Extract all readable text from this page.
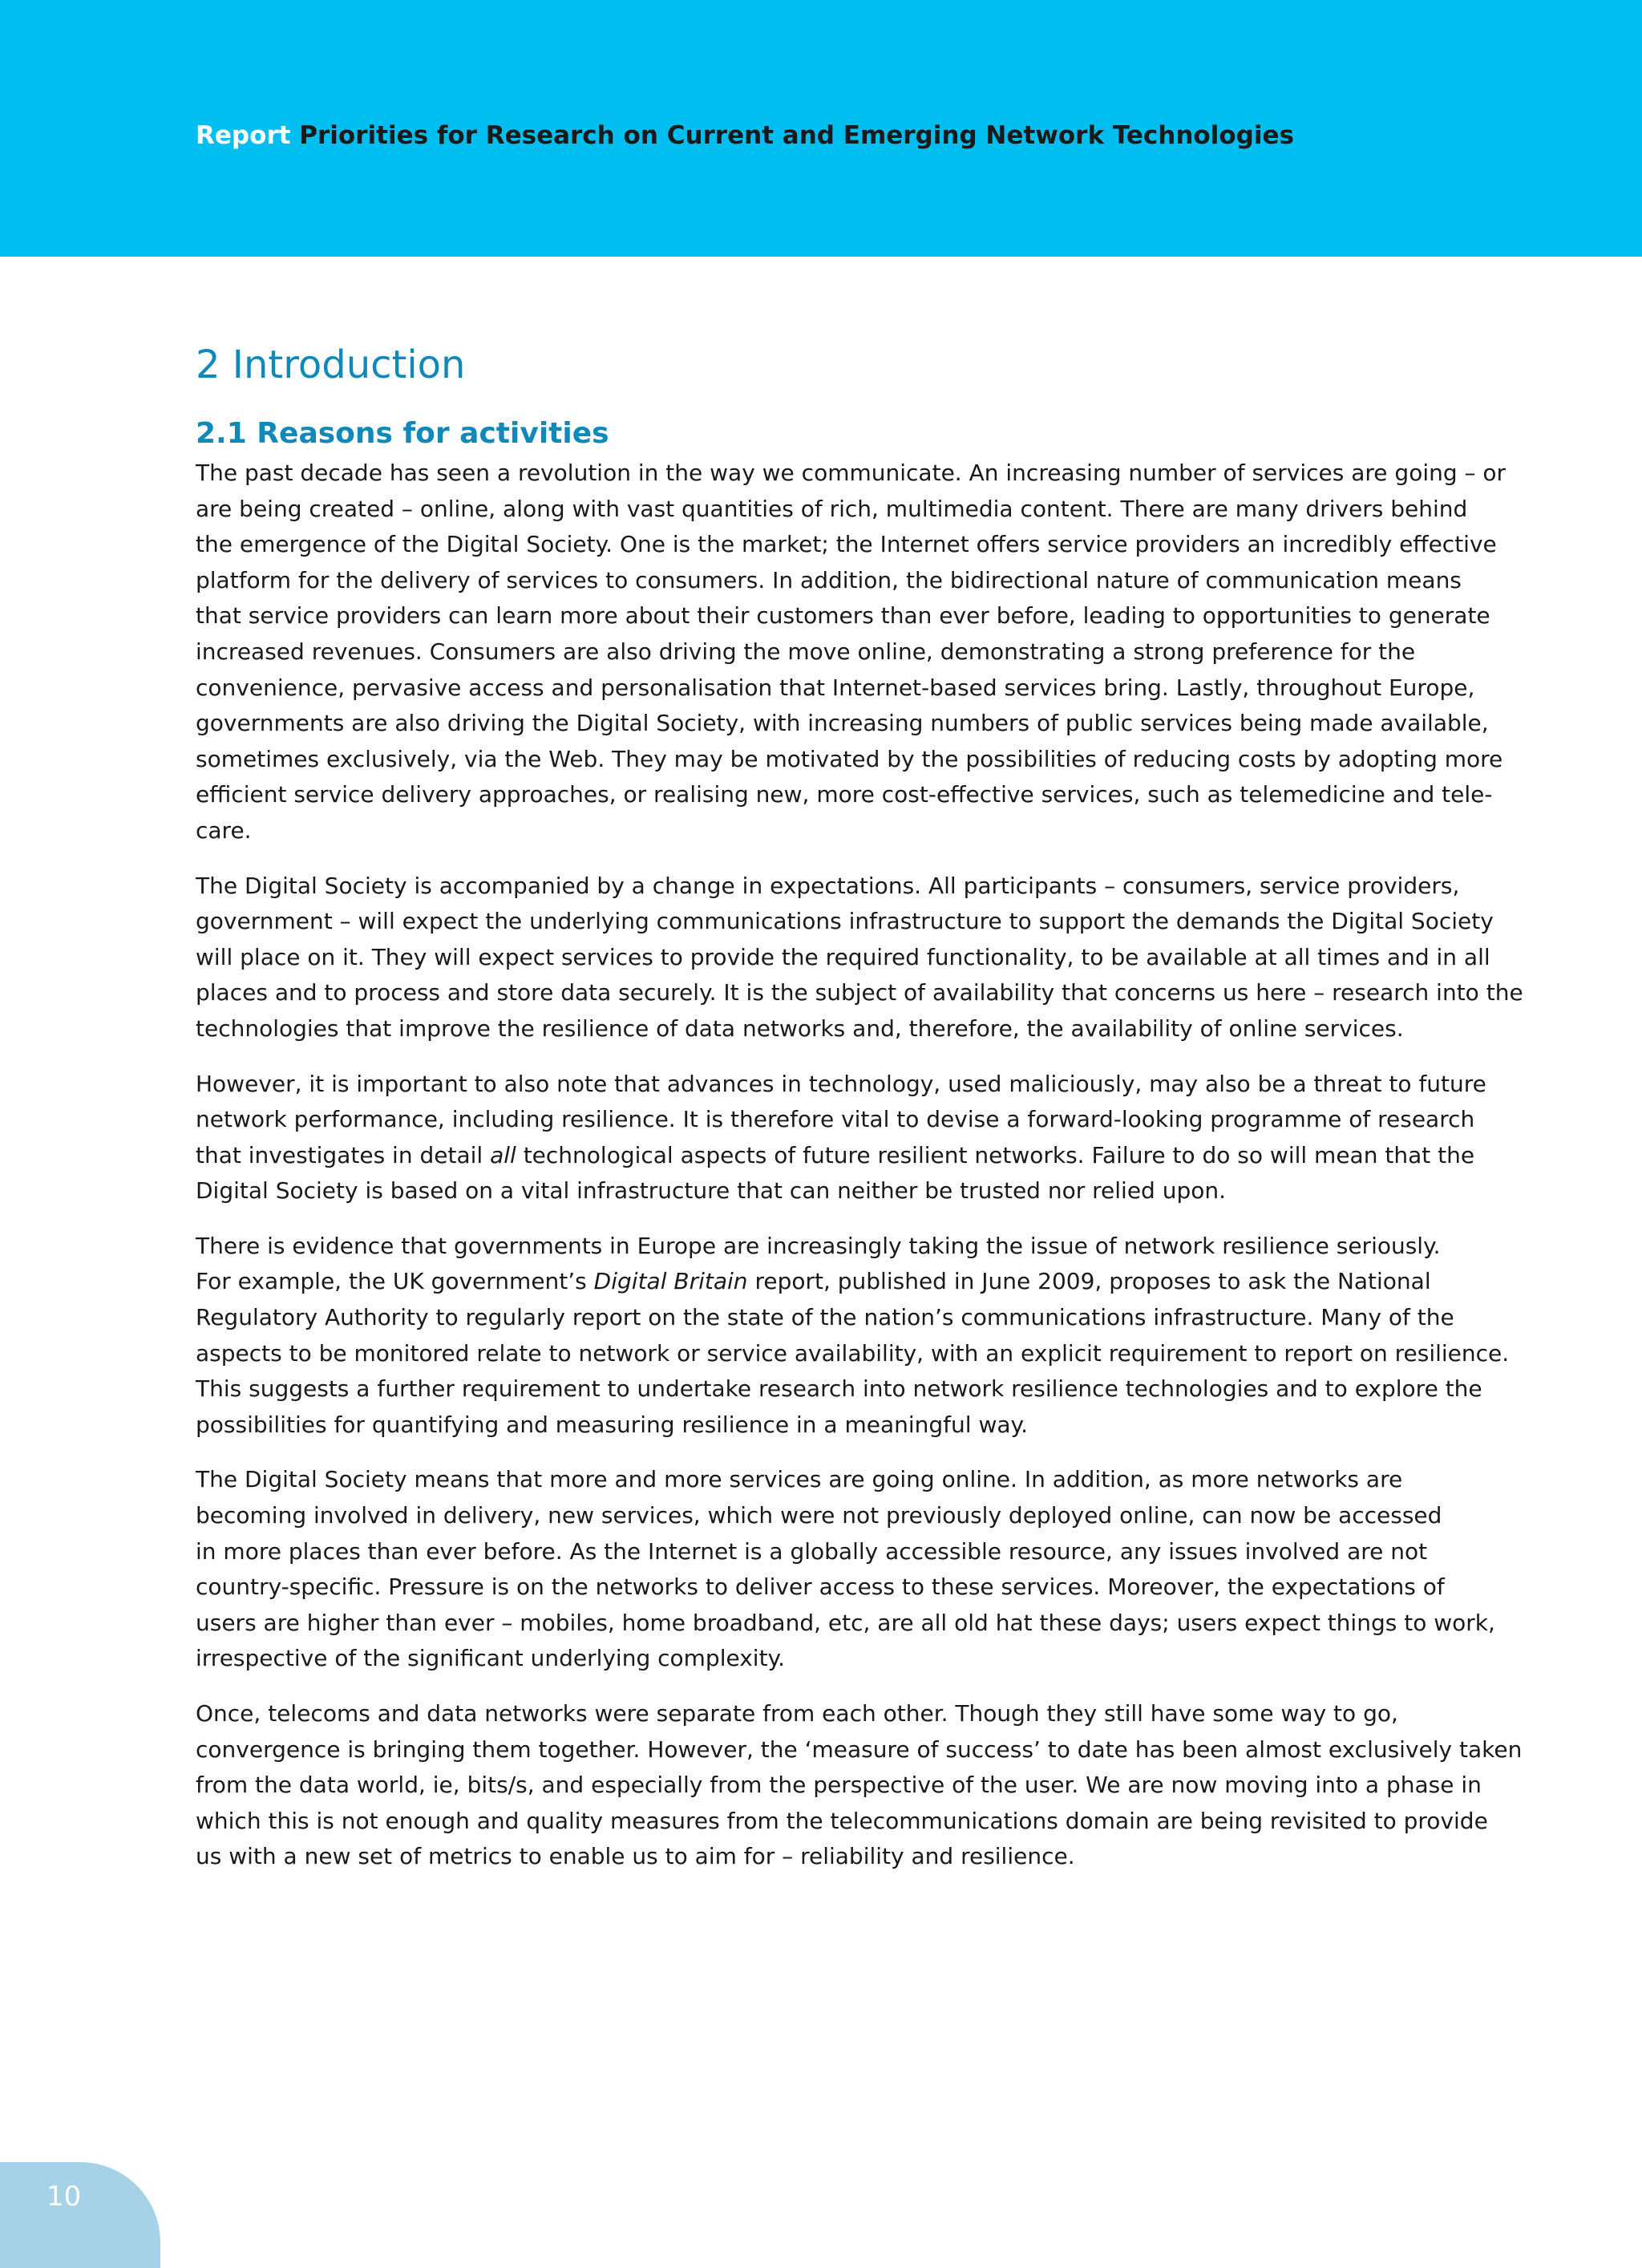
Report Priorities for Research on Current and Emerging Network Technologies

2 Introduction
2.1 Reasons for activities

The past decade has seen a revolution in the way we communicate. An increasing number of services are going – or
are being created – online, along with vast quantities of rich, multimedia content. There are many drivers behind
the emergence of the Digital Society. One is the market; the Internet offers service providers an incredibly effective
platform for the delivery of services to consumers. In addition, the bidirectional nature of communication means
that service providers can learn more about their customers than ever before, leading to opportunities to generate
increased revenues. Consumers are also driving the move online, demonstrating a strong preference for the
convenience, pervasive access and personalisation that Internet-based services bring. Lastly, throughout Europe,
governments are also driving the Digital Society, with increasing numbers of public services being made available,
sometimes exclusively, via the Web. They may be motivated by the possibilities of reducing costs by adopting more
efficient service delivery approaches, or realising new, more cost-effective services, such as telemedicine and tele-
care.

The Digital Society is accompanied by a change in expectations. All participants – consumers, service providers,
government – will expect the underlying communications infrastructure to support the demands the Digital Society
will place on it. They will expect services to provide the required functionality, to be available at all times and in all
places and to process and store data securely. It is the subject of availability that concerns us here – research into the
technologies that improve the resilience of data networks and, therefore, the availability of online services.

However, it is important to also note that advances in technology, used maliciously, may also be a threat to future
network performance, including resilience. It is therefore vital to devise a forward-looking programme of research
that investigates in detail all technological aspects of future resilient networks. Failure to do so will mean that the
Digital Society is based on a vital infrastructure that can neither be trusted nor relied upon.

There is evidence that governments in Europe are increasingly taking the issue of network resilience seriously.
For example, the UK government’s Digital Britain report, published in June 2009, proposes to ask the National
Regulatory Authority to regularly report on the state of the nation’s communications infrastructure. Many of the
aspects to be monitored relate to network or service availability, with an explicit requirement to report on resilience.
This suggests a further requirement to undertake research into network resilience technologies and to explore the
possibilities for quantifying and measuring resilience in a meaningful way.

The Digital Society means that more and more services are going online. In addition, as more networks are
becoming involved in delivery, new services, which were not previously deployed online, can now be accessed
in more places than ever before. As the Internet is a globally accessible resource, any issues involved are not
country-specific. Pressure is on the networks to deliver access to these services. Moreover, the expectations of
users are higher than ever – mobiles, home broadband, etc, are all old hat these days; users expect things to work,
irrespective of the significant underlying complexity.

Once, telecoms and data networks were separate from each other. Though they still have some way to go,
convergence is bringing them together. However, the ‘measure of success’ to date has been almost exclusively taken
from the data world, ie, bits/s, and especially from the perspective of the user. We are now moving into a phase in
which this is not enough and quality measures from the telecommunications domain are being revisited to provide
us with a new set of metrics to enable us to aim for – reliability and resilience.

10
